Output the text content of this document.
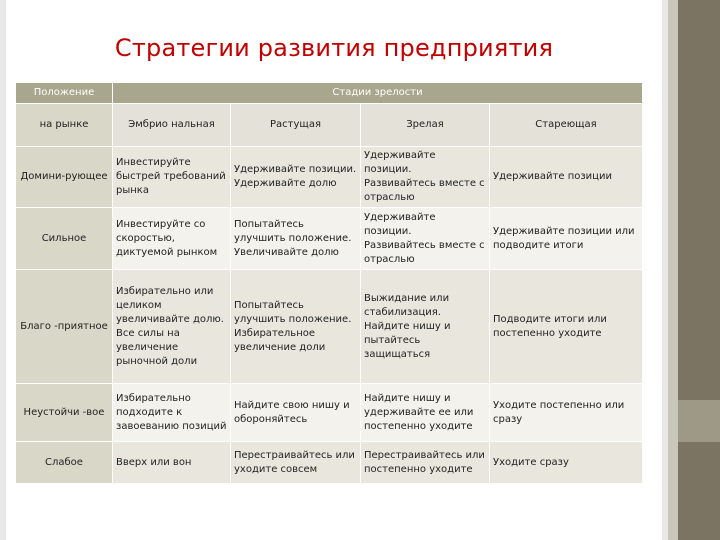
Стратегии развития предприятия
Положение	Стадии зрелости			
на рынке	Эмбрио нальная	Растущая	Зрелая	Стареющая
Домини-рующее	Инвестируйте быстрей требований рынка	Удерживайте позиции. Удерживайте долю	Удерживайте позиции. Развивайтесь вместе с отраслью	Удерживайте позиции
Сильное	Инвестируйте со скоростью, диктуемой рынком	Попытайтесь улучшить положение. Увеличивайте долю	Удерживайте позиции. Развивайтесь вместе с отраслью	Удерживайте позиции или подводите итоги
Благо -приятное	Избирательно или целиком увеличивайте долю. Все силы на увеличение рыночной доли	Попытайтесь улучшить положение. Избирательное увеличение доли	Выжидание или стабилизация. Найдите нишу и пытайтесь защищаться	Подводите итоги или постепенно уходите
Неустойчи -вое	Избирательно подходите к завоеванию позиций	Найдите свою нишу и обороняйтесь	Найдите нишу и удерживайте ее или постепенно уходите	Уходите постепенно или сразу
Слабое	Вверх или вон	Перестраивайтесь или уходите совсем	Перестраивайтесь или постепенно уходите	Уходите сразу
